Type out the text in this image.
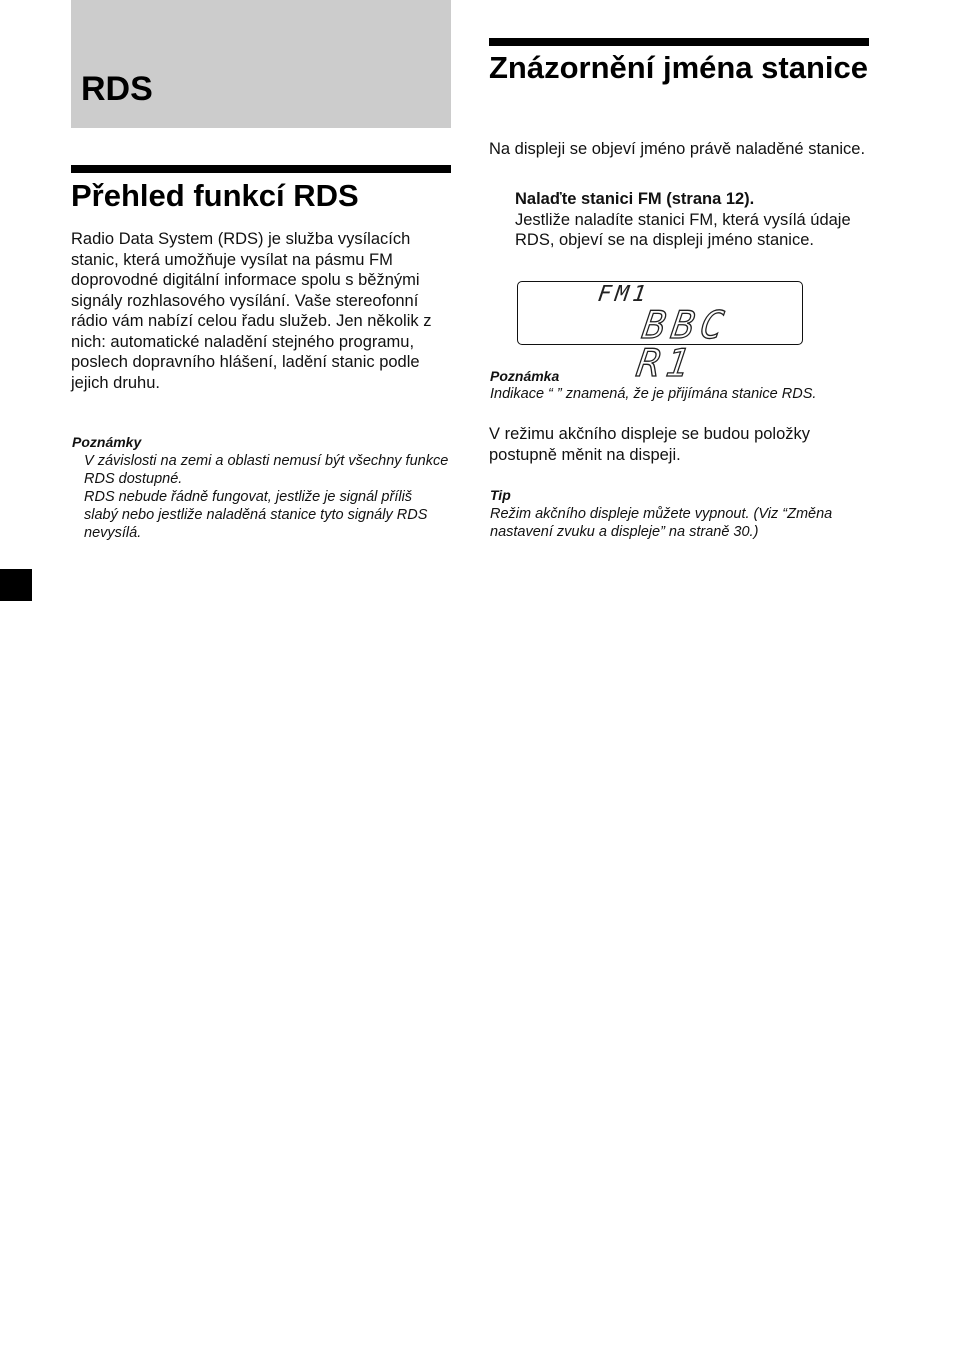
RDS
Přehled funkcí RDS

Radio Data System (RDS) je služba vysílacích stanic, která umožňuje vysílat na pásmu FM doprovodné digitální informace spolu s běžnými signály rozhlasového vysílání. Vaše stereofonní rádio vám nabízí celou řadu služeb. Jen několik z nich: automatické naladění stejného programu, poslech dopravního hlášení, ladění stanic podle jejich druhu.

Poznámky

V závislosti na zemi a oblasti nemusí být všechny funkce RDS dostupné.

RDS nebude řádně fungovat, jestliže je signál příliš slabý nebo jestliže naladěná stanice tyto signály RDS nevysílá.

Znázornění jména stanice

Na displeji se objeví jméno právě naladěné stanice.

Nalaďte stanici FM (strana 12).
Jestliže naladíte stanici FM, která vysílá údaje RDS, objeví se na displeji jméno stanice.
FM1
BBC R1

Poznámka

Indikace “ ” znamená, že je přijímána stanice RDS.

V režimu akčního displeje se budou položky postupně měnit na dispeji.

Tip

Režim akčního displeje můžete vypnout. (Viz “Změna nastavení zvuku a displeje” na straně 30.)
